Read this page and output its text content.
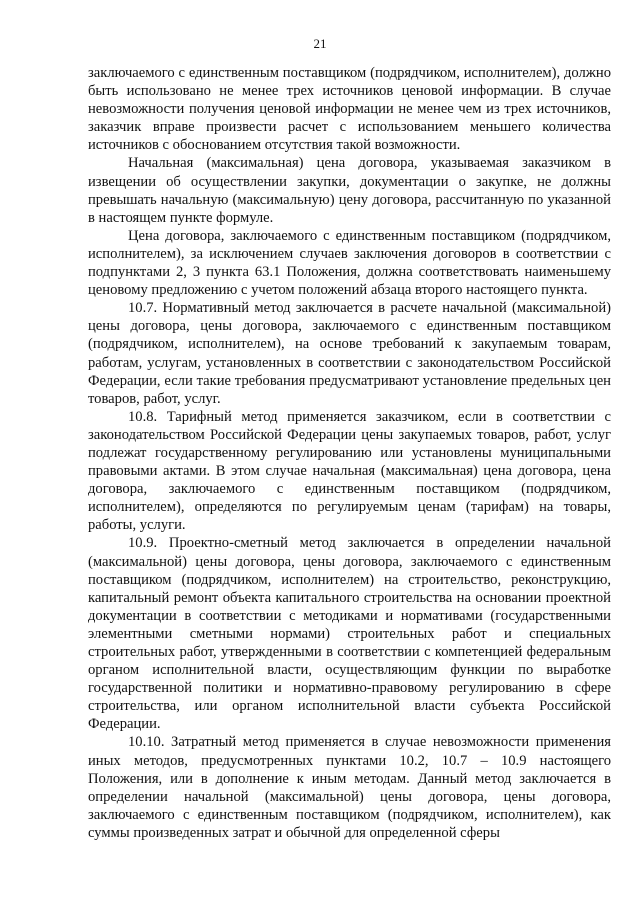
21

заключаемого с единственным поставщиком (подрядчиком, исполнителем), должно быть использовано не менее трех источников ценовой информации. В случае невозможности получения ценовой информации не менее чем из трех источников, заказчик вправе произвести расчет с использованием меньшего количества источников с обоснованием отсутствия такой возможности.

Начальная (максимальная) цена договора, указываемая заказчиком в извещении об осуществлении закупки, документации о закупке, не должны превышать начальную (максимальную) цену договора, рассчитанную по указанной в настоящем пункте формуле.

Цена договора, заключаемого с единственным поставщиком (подрядчиком, исполнителем), за исключением случаев заключения договоров в соответствии с подпунктами 2, 3 пункта 63.1 Положения, должна соответствовать наименьшему ценовому предложению с учетом положений абзаца второго настоящего пункта.

10.7. Нормативный метод заключается в расчете начальной (максимальной) цены договора, цены договора, заключаемого с единственным поставщиком (подрядчиком, исполнителем), на основе требований к закупаемым товарам, работам, услугам, установленных в соответствии с законодательством Российской Федерации, если такие требования предусматривают установление предельных цен товаров, работ, услуг.

10.8. Тарифный метод применяется заказчиком, если в соответствии с законодательством Российской Федерации цены закупаемых товаров, работ, услуг подлежат государственному регулированию или установлены муниципальными правовыми актами. В этом случае начальная (максимальная) цена договора, цена договора, заключаемого с единственным поставщиком (подрядчиком, исполнителем), определяются по регулируемым ценам (тарифам) на товары, работы, услуги.

10.9. Проектно-сметный метод заключается в определении начальной (максимальной) цены договора, цены договора, заключаемого с единственным поставщиком (подрядчиком, исполнителем) на строительство, реконструкцию, капитальный ремонт объекта капитального строительства на основании проектной документации в соответствии с методиками и нормативами (государственными элементными сметными нормами) строительных работ и специальных строительных работ, утвержденными в соответствии с компетенцией федеральным органом исполнительной власти, осуществляющим функции по выработке государственной политики и нормативно-правовому регулированию в сфере строительства, или органом исполнительной власти субъекта Российской Федерации.

10.10. Затратный метод применяется в случае невозможности применения иных методов, предусмотренных пунктами 10.2, 10.7 – 10.9 настоящего Положения, или в дополнение к иным методам. Данный метод заключается в определении начальной (максимальной) цены договора, цены договора, заключаемого с единственным поставщиком (подрядчиком, исполнителем), как суммы произведенных затрат и обычной для определенной сферы
